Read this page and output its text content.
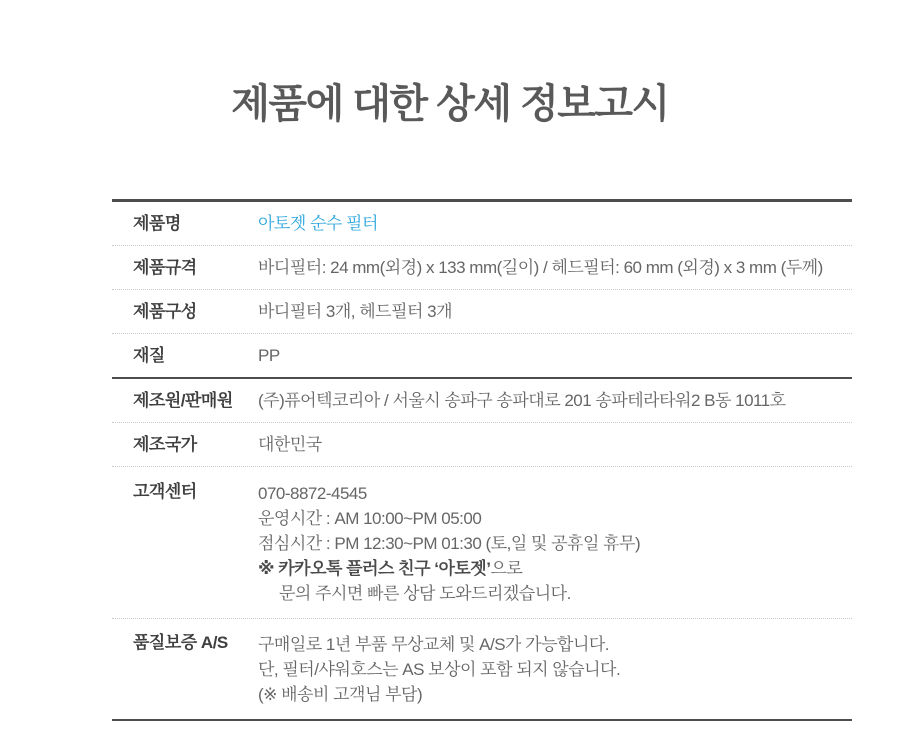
제품에 대한 상세 정보고시
제품명	아토젯 순수 필터
제품규격	바디필터: 24 mm(외경) x 133 mm(길이) / 헤드필터: 60 mm (외경) x 3 mm (두께)
제품구성	바디필터 3개, 헤드필터 3개
재질	PP
제조원/판매원	(주)퓨어텍코리아 / 서울시 송파구 송파대로 201 송파테라타워2 B동 1011호
제조국가	대한민국
고객센터	070-8872-4545
운영시간 : AM 10:00~PM 05:00
점심시간 : PM 12:30~PM 01:30 (토,일 및 공휴일 휴무)
※ 카카오톡 플러스 친구 ‘아토젯’으로
문의 주시면 빠른 상담 도와드리겠습니다.
품질보증 A/S	구매일로 1년 부품 무상교체 및 A/S가 가능합니다.
단, 필터/샤워호스는 AS 보상이 포함 되지 않습니다.
(※ 배송비 고객님 부담)
